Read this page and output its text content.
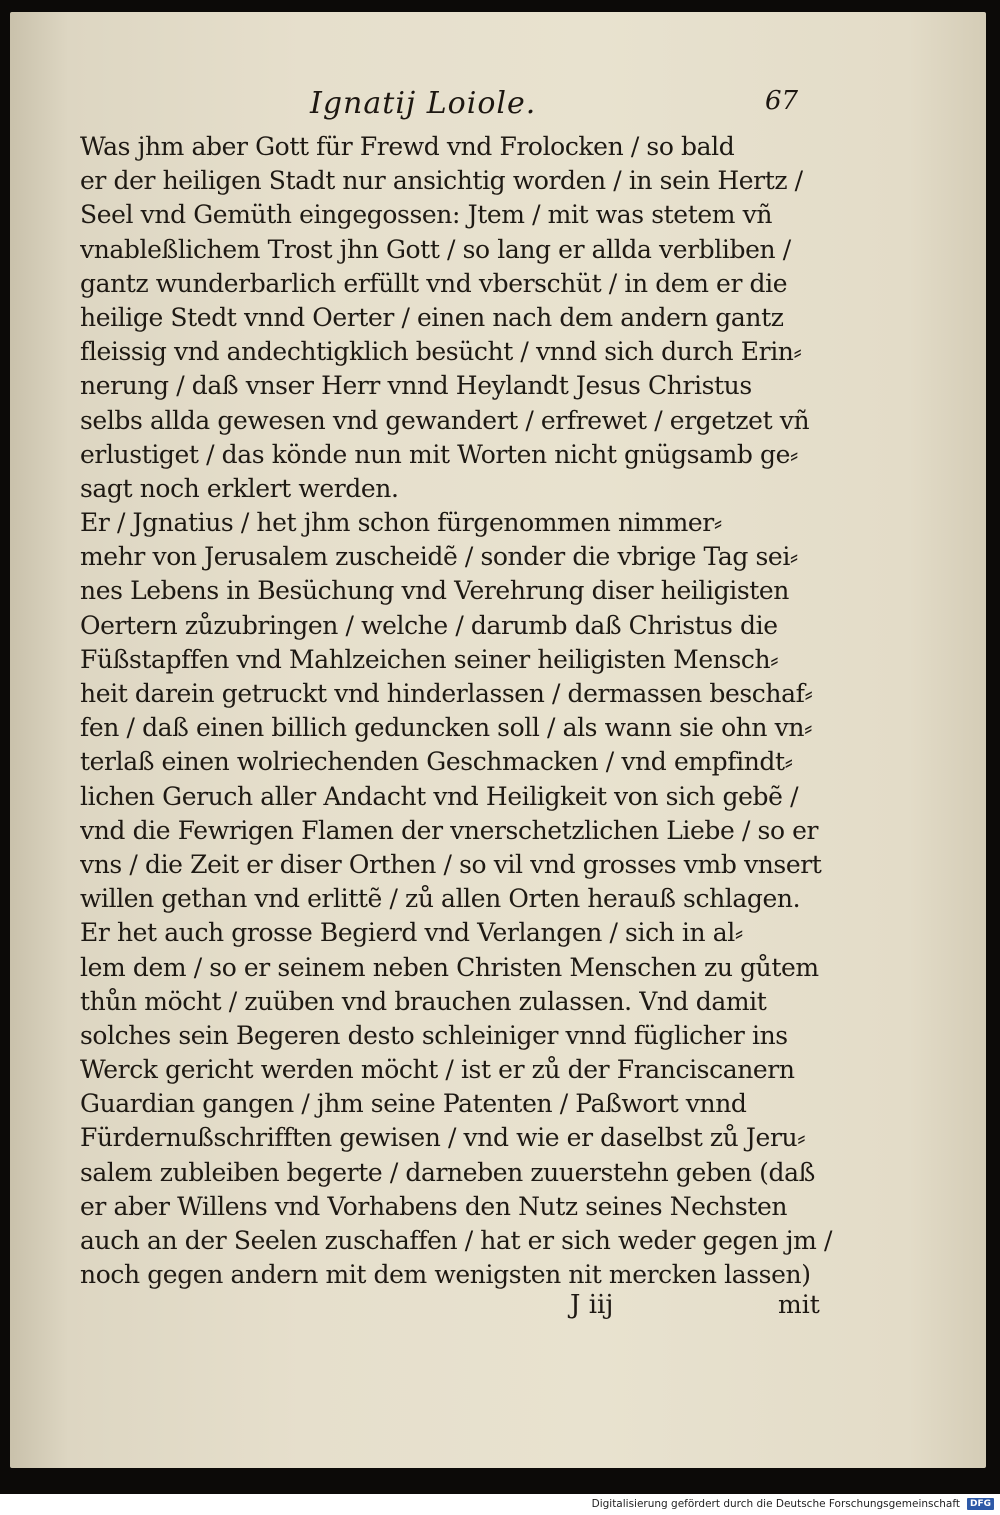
Ignatij Loiole.	67
Was jhm aber Gott für Frewd vnd Frolocken / so bald
er der heiligen Stadt nur ansichtig worden / in sein Hertz /
Seel vnd Gemüth eingegossen: Jtem / mit was stetem vñ
vnableßlichem Trost jhn Gott / so lang er allda verbliben /
gantz wunderbarlich erfüllt vnd vberschüt / in dem er die
heilige Stedt vnnd Oerter / einen nach dem andern gantz
fleissig vnd andechtigklich besücht / vnnd sich durch Erin⸗
nerung / daß vnser Herr vnnd Heylandt Jesus Christus
selbs allda gewesen vnd gewandert / erfrewet / ergetzet vñ
erlustiget / das könde nun mit Worten nicht gnügsamb ge⸗
sagt noch erklert werden.
Er / Jgnatius / het jhm schon fürgenommen nimmer⸗
mehr von Jerusalem zuscheidẽ / sonder die vbrige Tag sei⸗
nes Lebens in Besüchung vnd Verehrung diser heiligisten
Oertern zůzubringen / welche / darumb daß Christus die
Füßstapffen vnd Mahlzeichen seiner heiligisten Mensch⸗
heit darein getruckt vnd hinderlassen / dermassen beschaf⸗
fen / daß einen billich geduncken soll / als wann sie ohn vn⸗
terlaß einen wolriechenden Geschmacken / vnd empfindt⸗
lichen Geruch aller Andacht vnd Heiligkeit von sich gebẽ /
vnd die Fewrigen Flamen der vnerschetzlichen Liebe / so er
vns / die Zeit er diser Orthen / so vil vnd grosses vmb vnsert
willen gethan vnd erlittẽ / zů allen Orten herauß schlagen.
Er het auch grosse Begierd vnd Verlangen / sich in al⸗
lem dem / so er seinem neben Christen Menschen zu gůtem
thůn möcht / zuüben vnd brauchen zulassen. Vnd damit
solches sein Begeren desto schleiniger vnnd füglicher ins
Werck gericht werden möcht / ist er zů der Franciscanern
Guardian gangen / jhm seine Patenten / Paßwort vnnd
Fürdernußschrifften gewisen / vnd wie er daselbst zů Jeru⸗
salem zubleiben begerte / darneben zuuerstehn geben (daß
er aber Willens vnd Vorhabens den Nutz seines Nechsten
auch an der Seelen zuschaffen / hat er sich weder gegen jm /
noch gegen andern mit dem wenigsten nit mercken lassen)
J iij	mit
Digitalisierung gefördert durch die Deutsche Forschungsgemeinschaft	DFG
